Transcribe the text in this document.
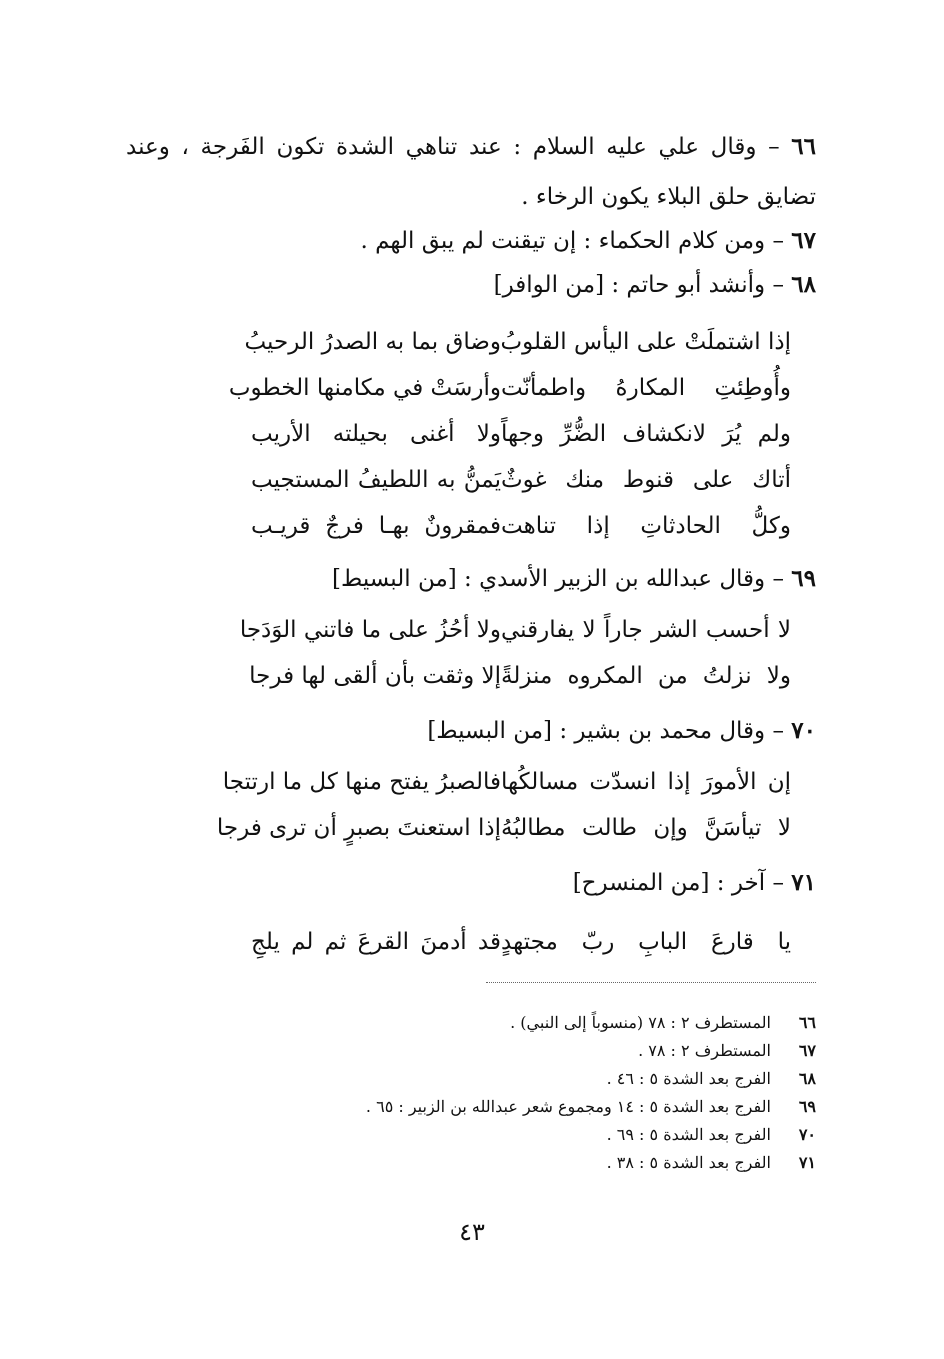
٦٦ – وقال علي عليه السلام : عند تناهي الشدة تكون الفَرجة ، وعند تضايق حلق البلاء يكون الرخاء .
٦٧ – ومن كلام الحكماء : إن تيقنت لم يبق الهم .
٦٨ – وأنشد أبو حاتم : [من الوافر]
إذا اشتملَتْ على اليأس القلوبُ
وضاق بما به الصدرُ الرحيبُ
وأُوطِئتِ المكارهُ واطمأنّت
وأرسَتْ في مكامنها الخطوب
ولم يُرَ لانكشاف الضُّرِّ وجهاً
ولا أغنى بحيلته الأريب
أتاك على قنوط منك غوثٌ
يَمنُّ به اللطيفُ المستجيب
وكلُّ الحادثاتِ إذا تناهت
فمقرونٌ بهـا فرجٌ قريـب
٦٩ – وقال عبدالله بن الزبير الأسدي : [من البسيط]
لا أحسب الشر جاراً لا يفارقني
ولا أحُزُ على ما فاتني الوَدَجا
ولا نزلتُ من المكروه منزلةً
إلا وثقت بأن ألقى لها فرجا
٧٠ – وقال محمد بن بشير : [من البسيط]
إن الأمورَ إذا انسدّت مسالكُها
فالصبرُ يفتح منها كل ما ارتتجا
لا تيأسَنَّ وإن طالت مطالبُهُ
إذا استعنتَ بصبرٍ أن ترى فرجا
٧١ – آخر : [من المنسرح]
يا قارعَ البابِ ربّ مجتهدٍ
قد أدمنَ القرعَ ثم لم يلجِ
٦٦ المستطرف ٢ : ٧٨ (منسوباً إلى النبي) .
٦٧ المستطرف ٢ : ٧٨ .
٦٨ الفرج بعد الشدة ٥ : ٤٦ .
٦٩ الفرج بعد الشدة ٥ : ١٤ ومجموع شعر عبدالله بن الزبير : ٦٥ .
٧٠ الفرج بعد الشدة ٥ : ٦٩ .
٧١ الفرج بعد الشدة ٥ : ٣٨ .
٤٣
